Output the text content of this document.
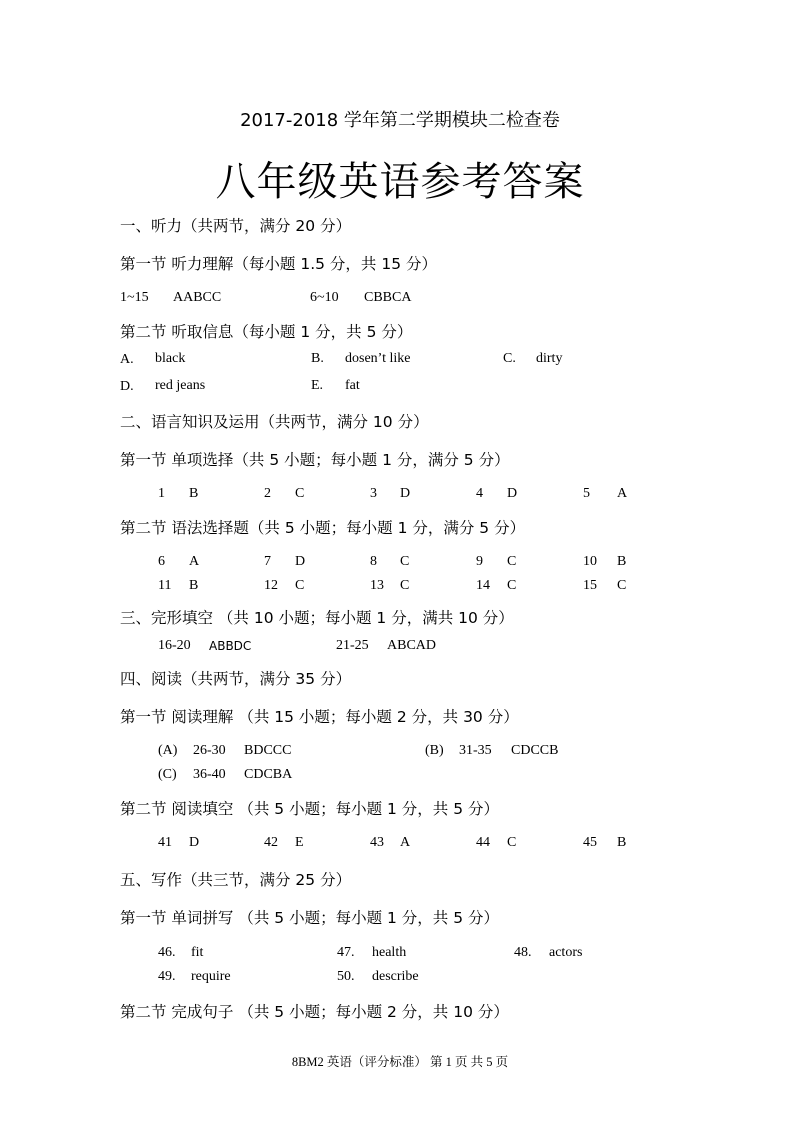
2017-2018 学年第二学期模块二检查卷
八年级英语参考答案
一、听力（共两节，满分 20 分）
第一节 听力理解（每小题 1.5 分，共 15 分）
1~15 AABCC	6~10 CBBCA
第二节 听取信息（每小题 1 分，共 5 分）
A. black	B. dosen’t like	C. dirty
D. red jeans	E. fat
二、语言知识及运用（共两节，满分 10 分）
第一节 单项选择（共 5 小题；每小题 1 分，满分 5 分）
1 B	2 C	3 D	4 D	5 A
第二节 语法选择题（共 5 小题；每小题 1 分，满分 5 分）
6 A	7 D	8 C	9 C	10 B
11 B	12 C	13 C	14 C	15 C
三、完形填空 （共 10 小题；每小题 1 分，满共 10 分）
16-20 ABBDC	21-25 ABCAD
四、阅读（共两节，满分 35 分）
第一节 阅读理解 （共 15 小题；每小题 2 分，共 30 分）
(A) 26-30 BDCCC	(B) 31-35 CDCCB
(C) 36-40 CDCBA
第二节 阅读填空 （共 5 小题；每小题 1 分，共 5 分）
41 D	42 E	43 A	44 C	45 B
五、写作（共三节，满分 25 分）
第一节 单词拼写 （共 5 小题；每小题 1 分，共 5 分）
46. fit	47. health	48. actors
49. require	50. describe
第二节 完成句子 （共 5 小题；每小题 2 分，共 10 分）
8BM2 英语（评分标准） 第 1 页 共 5 页
